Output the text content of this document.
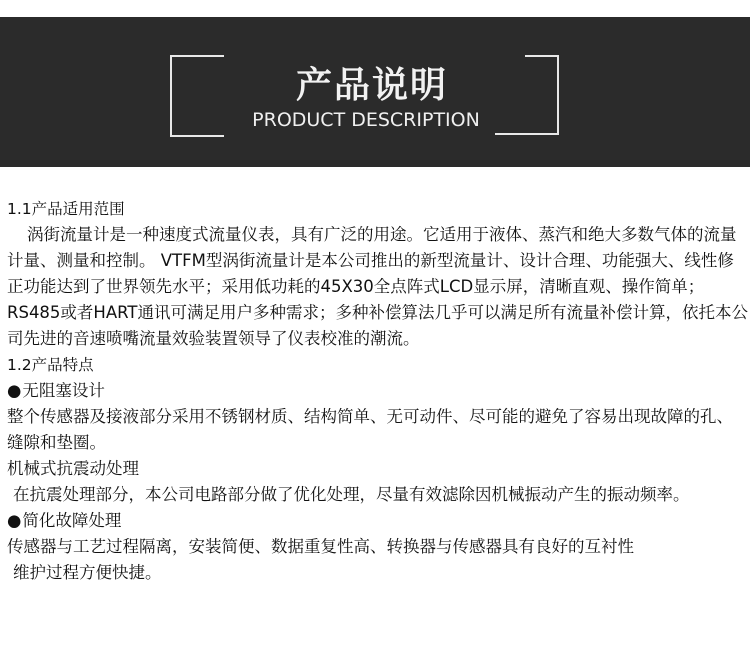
产品说明
PRODUCT DESCRIPTION

1.1产品适用范围

涡街流量计是一种速度式流量仪表，具有广泛的用途。它适用于液体、蒸汽和绝大多数气体的流量计量、测量和控制。 VTFM型涡街流量计是本公司推出的新型流量计、设计合理、功能强大、线性修正功能达到了世界领先水平；采用低功耗的45X30全点阵式LCD显示屏，清晰直观、操作简单；RS485或者HART通讯可满足用户多种需求；多种补偿算法几乎可以满足所有流量补偿计算，依托本公司先进的音速喷嘴流量效验装置领导了仪表校准的潮流。

1.2产品特点

●无阻塞设计

整个传感器及接液部分采用不锈钢材质、结构简单、无可动件、尽可能的避免了容易出现故障的孔、缝隙和垫圈。

机械式抗震动处理

在抗震处理部分，本公司电路部分做了优化处理，尽量有效滤除因机械振动产生的振动频率。

●简化故障处理

传感器与工艺过程隔离，安装简便、数据重复性高、转换器与传感器具有良好的互衬性

维护过程方便快捷。
